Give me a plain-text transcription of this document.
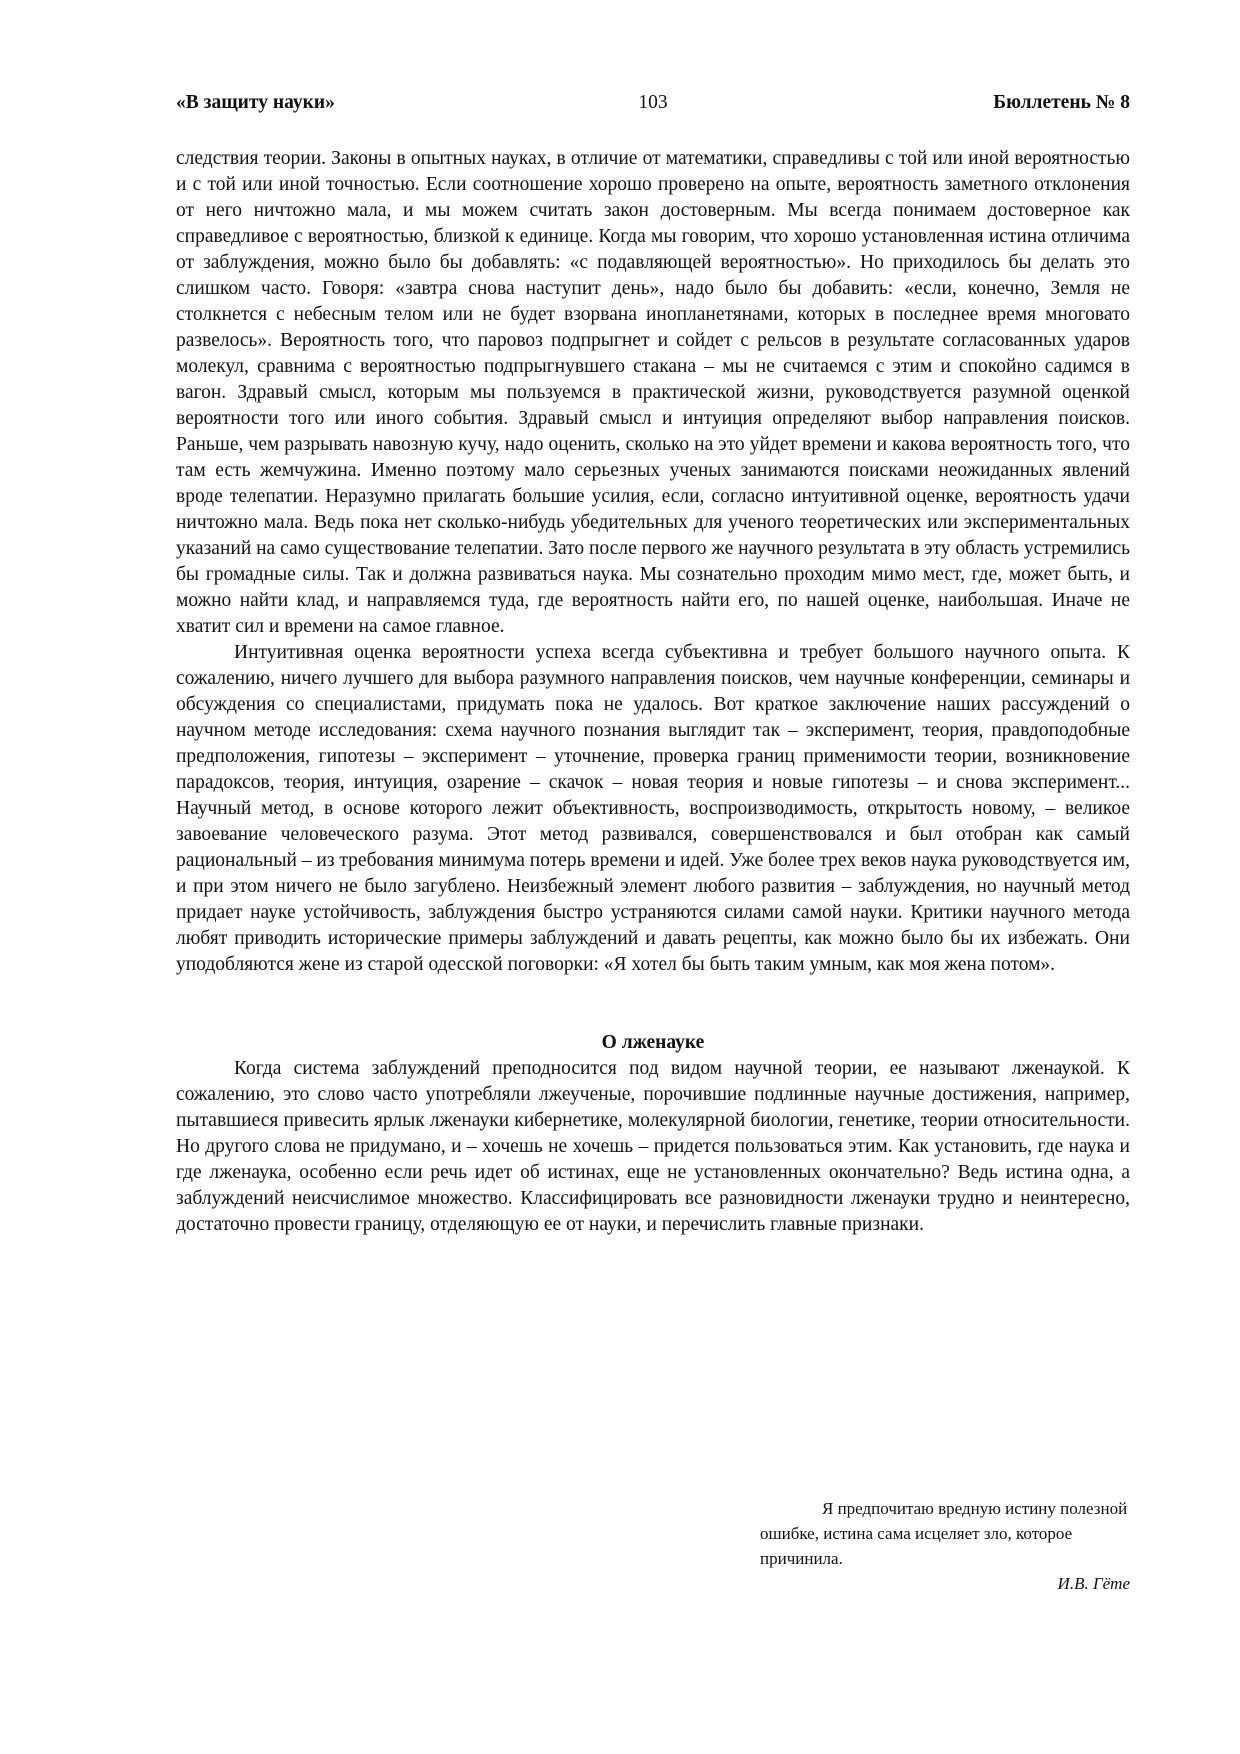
«В защиту науки»	103	Бюллетень № 8

следствия теории. Законы в опытных науках, в отличие от математики, справедливы с той или иной вероятностью и с той или иной точностью. Если соотношение хорошо проверено на опыте, вероятность заметного отклонения от него ничтожно мала, и мы можем считать закон достоверным. Мы всегда понимаем достоверное как справедливое с вероятностью, близкой к единице. Когда мы говорим, что хорошо установленная истина отличима от заблуждения, можно было бы добавлять: «с подавляющей вероятностью». Но приходилось бы делать это слишком часто. Говоря: «завтра снова наступит день», надо было бы добавить: «если, конечно, Земля не столкнется с небесным телом или не будет взорвана инопланетянами, которых в последнее время многовато развелось». Вероятность того, что паровоз подпрыгнет и сойдет с рельсов в результате согласованных ударов молекул, сравнима с вероятностью подпрыгнувшего стакана – мы не считаемся с этим и спокойно садимся в вагон. Здравый смысл, которым мы пользуемся в практической жизни, руководствуется разумной оценкой вероятности того или иного события. Здравый смысл и интуиция определяют выбор направления поисков. Раньше, чем разрывать навозную кучу, надо оценить, сколько на это уйдет времени и какова вероятность того, что там есть жемчужина. Именно поэтому мало серьезных ученых занимаются поисками неожиданных явлений вроде телепатии. Неразумно прилагать большие усилия, если, согласно интуитивной оценке, вероятность удачи ничтожно мала. Ведь пока нет сколько-нибудь убедительных для ученого теоретических или экспериментальных указаний на само существование телепатии. Зато после первого же научного результата в эту область устремились бы громадные силы. Так и должна развиваться наука. Мы сознательно проходим мимо мест, где, может быть, и можно найти клад, и направляемся туда, где вероятность найти его, по нашей оценке, наибольшая. Иначе не хватит сил и времени на самое главное.

Интуитивная оценка вероятности успеха всегда субъективна и требует большого научного опыта. К сожалению, ничего лучшего для выбора разумного направления поисков, чем научные конференции, семинары и обсуждения со специалистами, придумать пока не удалось. Вот краткое заключение наших рассуждений о научном методе исследования: схема научного познания выглядит так – эксперимент, теория, правдоподобные предположения, гипотезы – эксперимент – уточнение, проверка границ применимости теории, возникновение парадоксов, теория, интуиция, озарение – скачок – новая теория и новые гипотезы – и снова эксперимент... Научный метод, в основе которого лежит объективность, воспроизводимость, открытость новому, – великое завоевание человеческого разума. Этот метод развивался, совершенствовался и был отобран как самый рациональный – из требования минимума потерь времени и идей. Уже более трех веков наука руководствуется им, и при этом ничего не было загублено. Неизбежный элемент любого развития – заблуждения, но научный метод придает науке устойчивость, заблуждения быстро устраняются силами самой науки. Критики научного метода любят приводить исторические примеры заблуждений и давать рецепты, как можно было бы их избежать. Они уподобляются жене из старой одесской поговорки: «Я хотел бы быть таким умным, как моя жена потом».

О лженауке

Когда система заблуждений преподносится под видом научной теории, ее называют лженаукой. К сожалению, это слово часто употребляли лжеученые, порочившие подлинные научные достижения, например, пытавшиеся привесить ярлык лженауки кибернетике, молекулярной биологии, генетике, теории относительности. Но другого слова не придумано, и – хочешь не хочешь – придется пользоваться этим. Как установить, где наука и где лженаука, особенно если речь идет об истинах, еще не установленных окончательно? Ведь истина одна, а заблуждений неисчислимое множество. Классифицировать все разновидности лженауки трудно и неинтересно, достаточно провести границу, отделяющую ее от науки, и перечислить главные признаки.

Я предпочитаю вредную истину полезной ошибке, истина сама исцеляет зло, которое причинила.

И.В. Гёте
